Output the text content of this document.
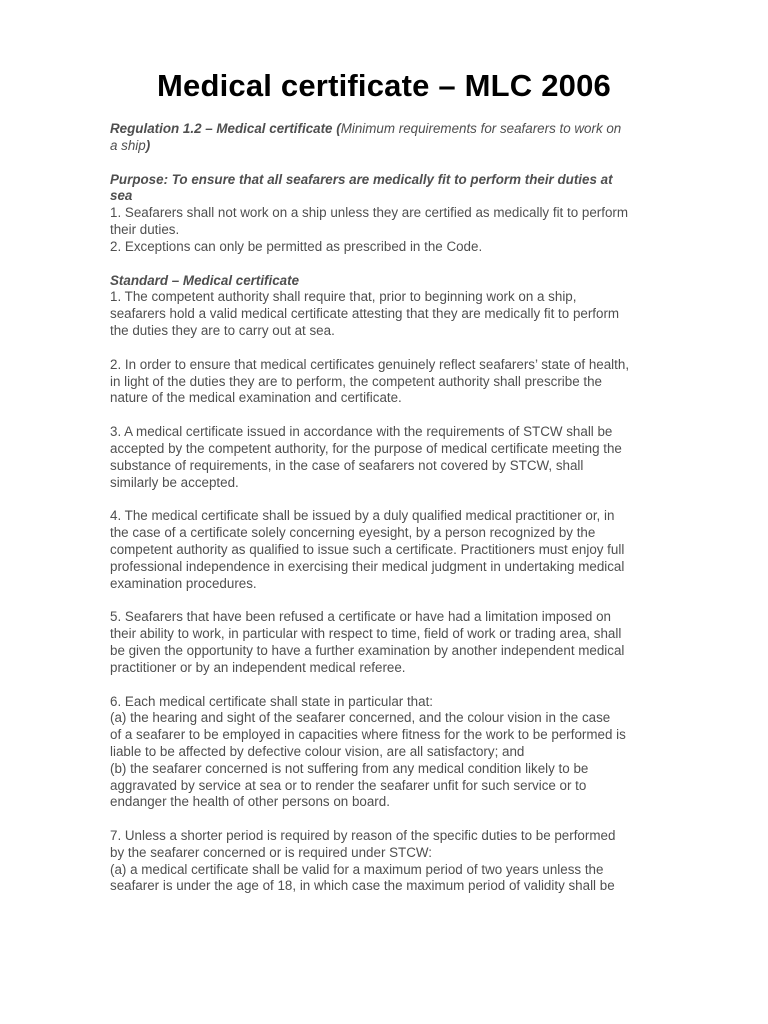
Medical certificate – MLC 2006
Regulation 1.2 – Medical certificate (Minimum requirements for seafarers to work on
a ship)
Purpose: To ensure that all seafarers are medically fit to perform their duties at
sea
1. Seafarers shall not work on a ship unless they are certified as medically fit to perform
their duties.
2. Exceptions can only be permitted as prescribed in the Code.
Standard – Medical certificate
1. The competent authority shall require that, prior to beginning work on a ship,
seafarers hold a valid medical certificate attesting that they are medically fit to perform
the duties they are to carry out at sea.
2. In order to ensure that medical certificates genuinely reflect seafarers’ state of health,
in light of the duties they are to perform, the competent authority shall prescribe the
nature of the medical examination and certificate.
3. A medical certificate issued in accordance with the requirements of STCW shall be
accepted by the competent authority, for the purpose of medical certificate meeting the
substance of requirements, in the case of seafarers not covered by STCW, shall
similarly be accepted.
4. The medical certificate shall be issued by a duly qualified medical practitioner or, in
the case of a certificate solely concerning eyesight, by a person recognized by the
competent authority as qualified to issue such a certificate. Practitioners must enjoy full
professional independence in exercising their medical judgment in undertaking medical
examination procedures.
5. Seafarers that have been refused a certificate or have had a limitation imposed on
their ability to work, in particular with respect to time, field of work or trading area, shall
be given the opportunity to have a further examination by another independent medical
practitioner or by an independent medical referee.
6. Each medical certificate shall state in particular that:
(a) the hearing and sight of the seafarer concerned, and the colour vision in the case
of a seafarer to be employed in capacities where fitness for the work to be performed is
liable to be affected by defective colour vision, are all satisfactory; and
(b) the seafarer concerned is not suffering from any medical condition likely to be
aggravated by service at sea or to render the seafarer unfit for such service or to
endanger the health of other persons on board.
7. Unless a shorter period is required by reason of the specific duties to be performed
by the seafarer concerned or is required under STCW:
(a) a medical certificate shall be valid for a maximum period of two years unless the
seafarer is under the age of 18, in which case the maximum period of validity shall be
